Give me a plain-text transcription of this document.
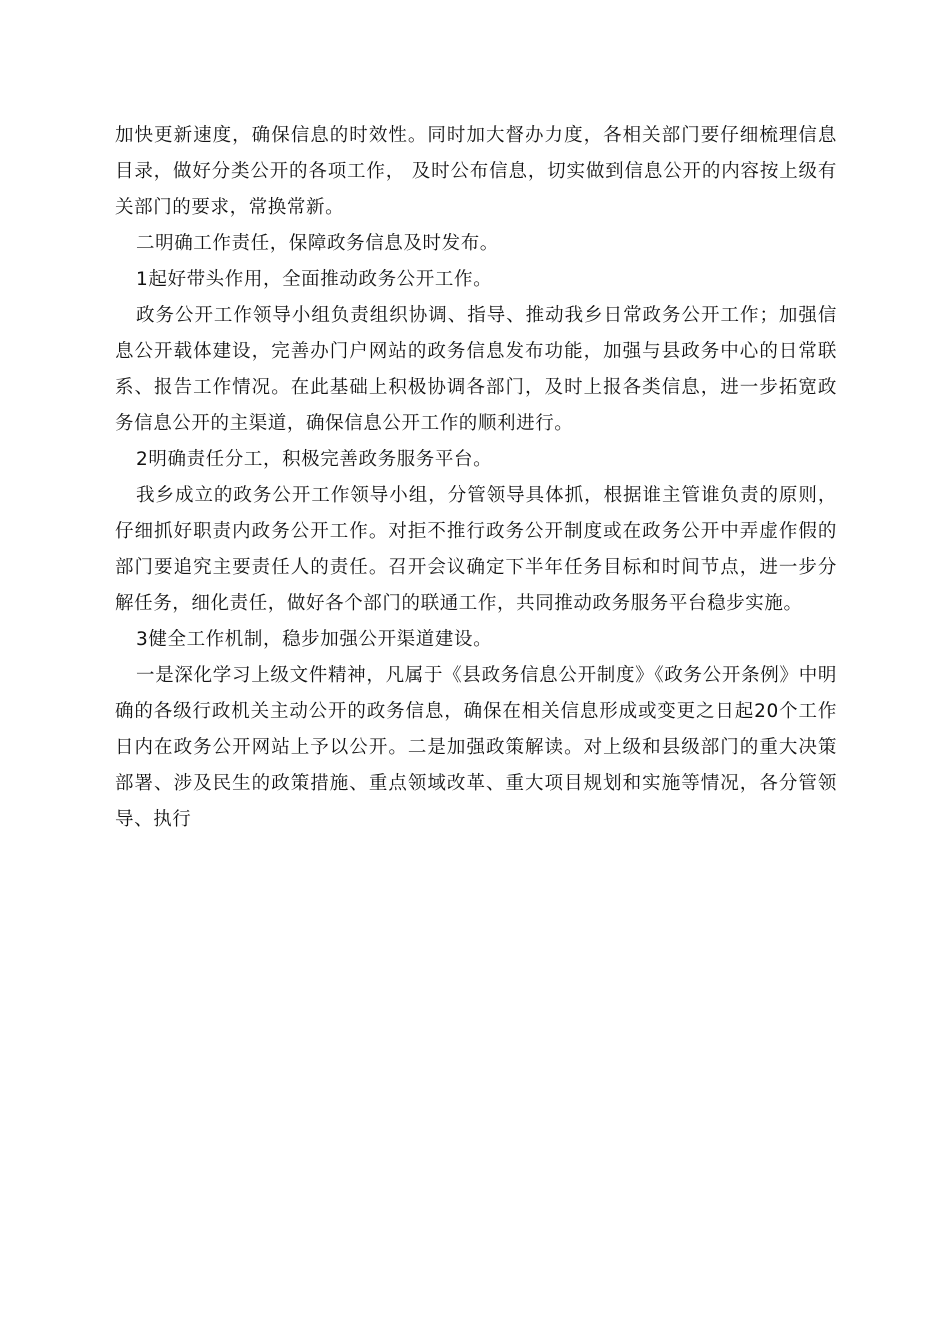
加快更新速度，确保信息的时效性。同时加大督办力度，各相关部门要仔细梳理信息目录，做好分类公开的各项工作， 及时公布信息，切实做到信息公开的内容按上级有关部门的要求，常换常新。

二明确工作责任，保障政务信息及时发布。

1起好带头作用，全面推动政务公开工作。

政务公开工作领导小组负责组织协调、指导、推动我乡日常政务公开工作；加强信息公开载体建设，完善办门户网站的政务信息发布功能，加强与县政务中心的日常联系、报告工作情况。在此基础上积极协调各部门，及时上报各类信息，进一步拓宽政务信息公开的主渠道，确保信息公开工作的顺利进行。

2明确责任分工，积极完善政务服务平台。

我乡成立的政务公开工作领导小组，分管领导具体抓，根据谁主管谁负责的原则，仔细抓好职责内政务公开工作。对拒不推行政务公开制度或在政务公开中弄虚作假的部门要追究主要责任人的责任。召开会议确定下半年任务目标和时间节点，进一步分解任务，细化责任，做好各个部门的联通工作，共同推动政务服务平台稳步实施。

3健全工作机制，稳步加强公开渠道建设。

一是深化学习上级文件精神，凡属于《县政务信息公开制度》《政务公开条例》中明确的各级行政机关主动公开的政务信息，确保在相关信息形成或变更之日起20个工作日内在政务公开网站上予以公开。二是加强政策解读。对上级和县级部门的重大决策部署、涉及民生的政策措施、重点领域改革、重大项目规划和实施等情况，各分管领导、执行
